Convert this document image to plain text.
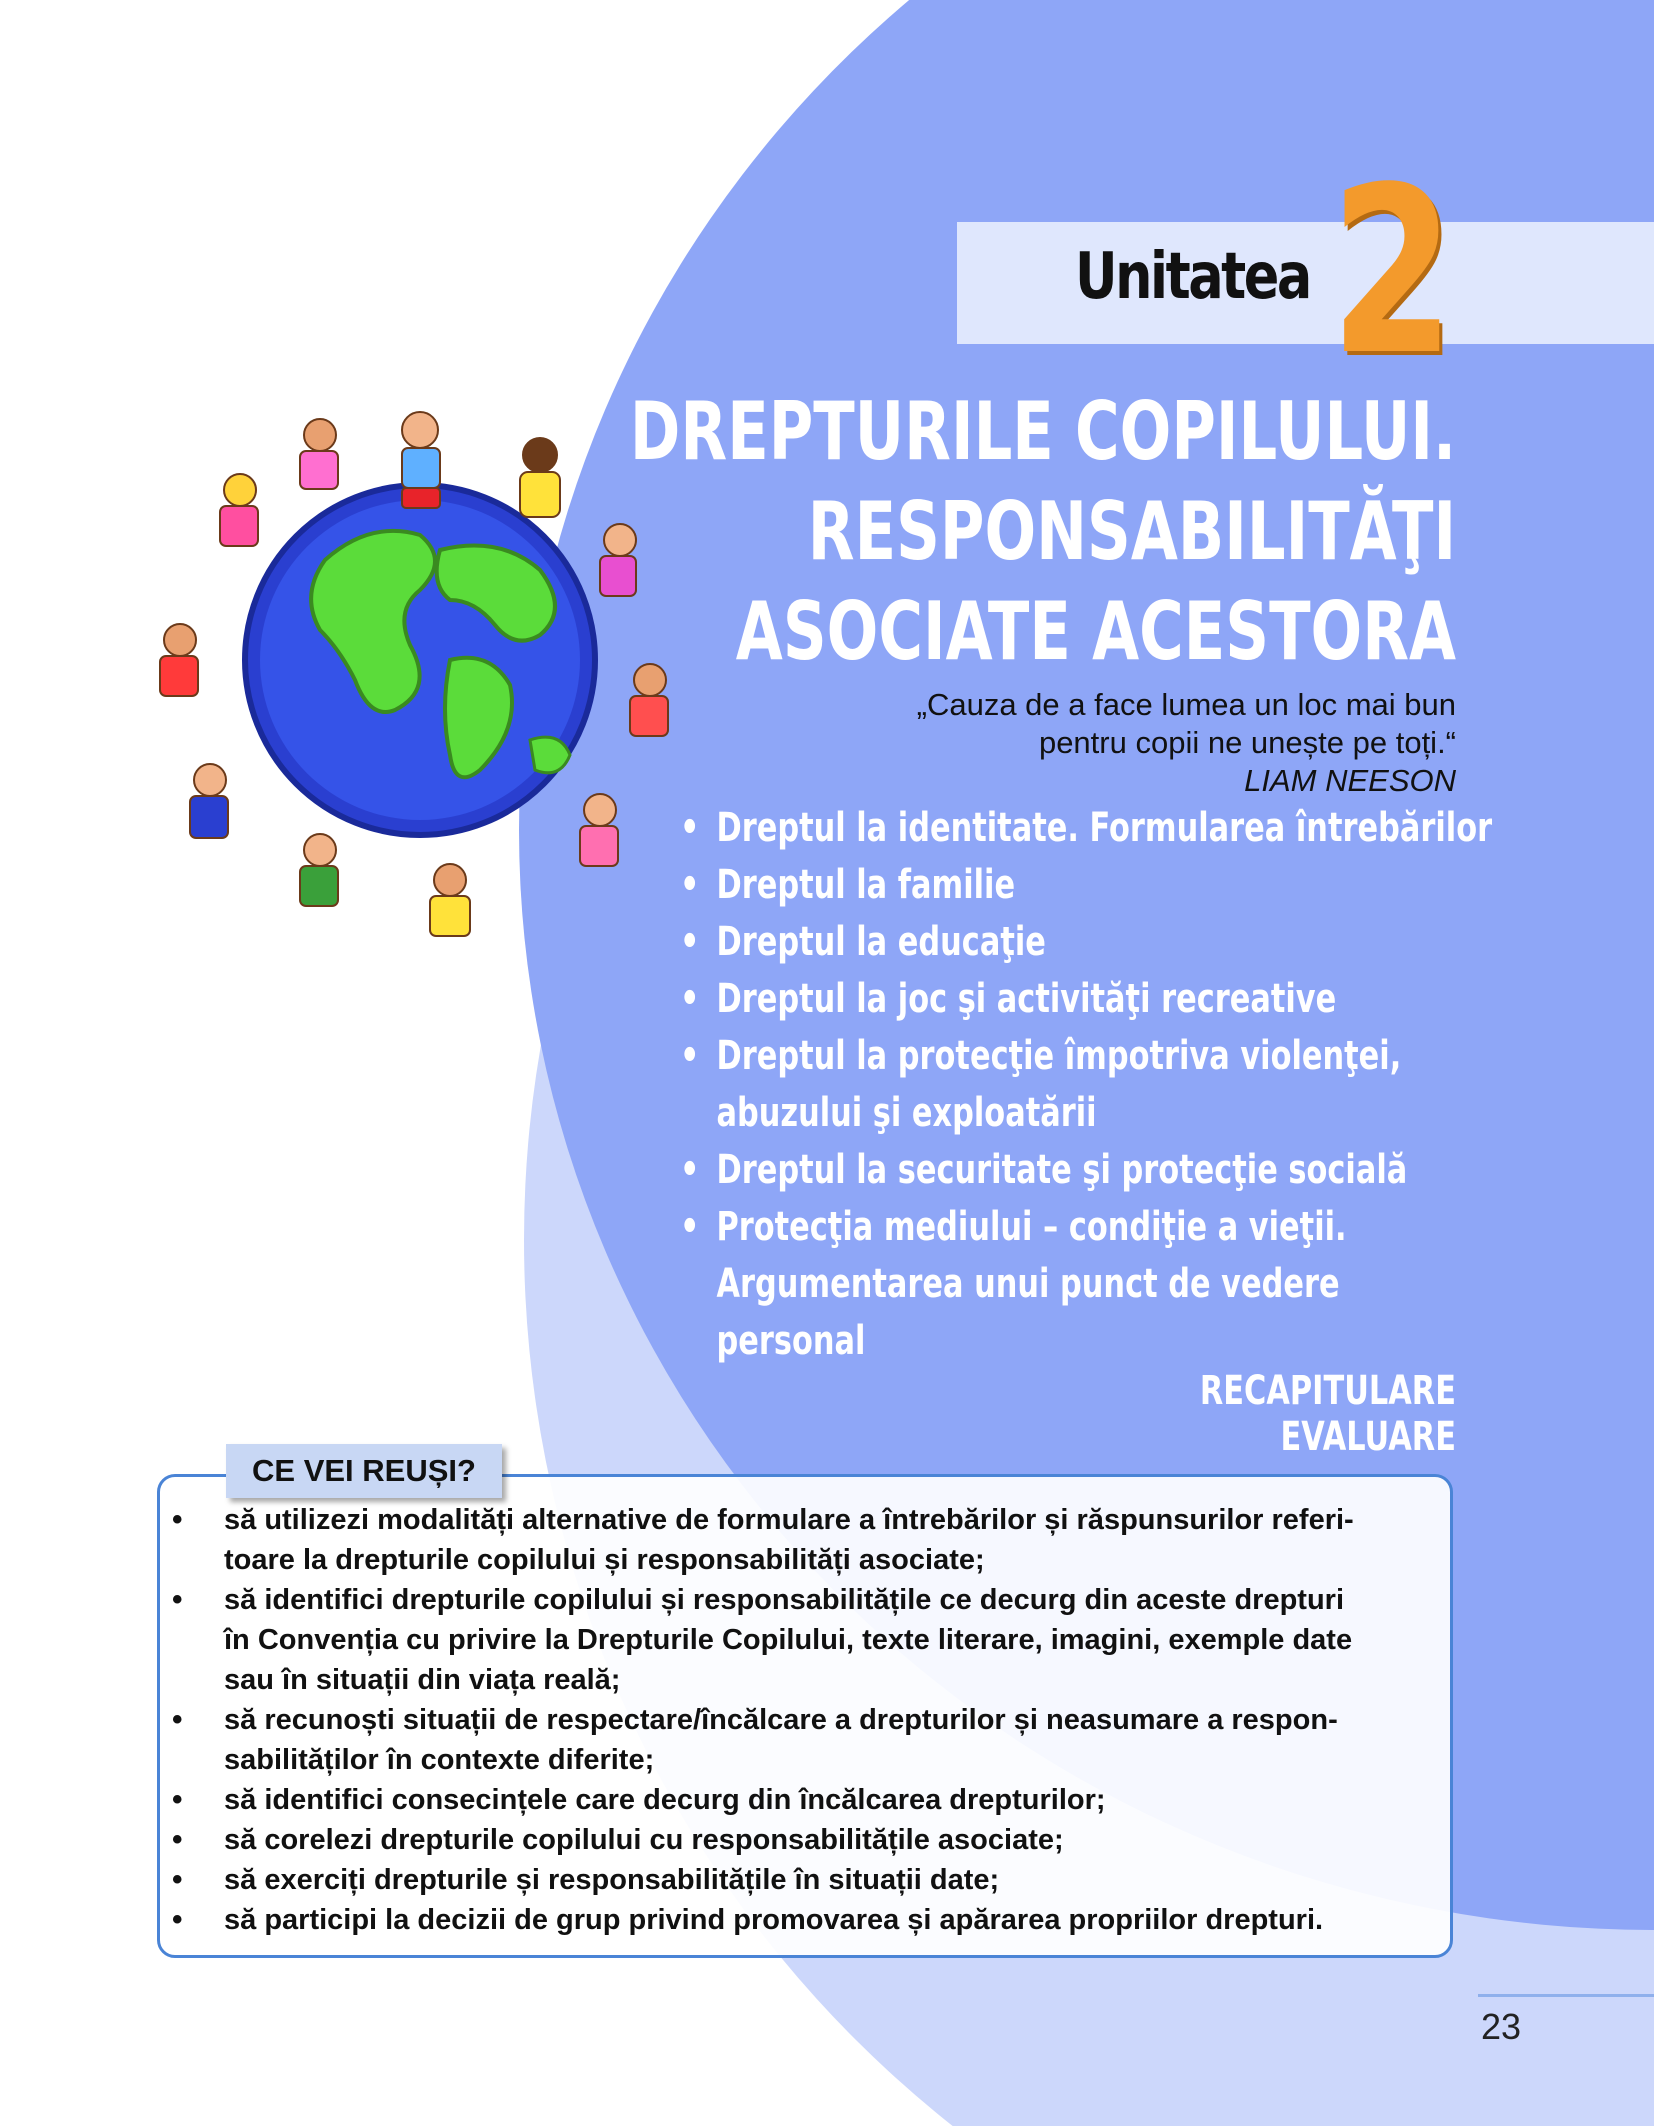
Unitatea 2
DREPTURILE COPILULUI.
RESPONSABILITĂŢI
ASOCIATE ACESTORA
„Cauza de a face lumea un loc mai bun
pentru copii ne unește pe toți.“
LIAM NEESON
• Dreptul la identitate. Formularea întrebărilor
• Dreptul la familie
• Dreptul la educaţie
• Dreptul la joc şi activităţi recreative
• Dreptul la protecţie împotriva violenţei,
abuzului şi exploatării
• Dreptul la securitate şi protecţie socială
• Protecţia mediului – condiţie a vieţii.
Argumentarea unui punct de vedere
personal
RECAPITULARE
EVALUARE
CE VEI REUȘI?
• să utilizezi modalități alternative de formulare a întrebărilor și răspunsurilor referi-
toare la drepturile copilului și responsabilități asociate;
• să identifici drepturile copilului și responsabilitățile ce decurg din aceste drepturi
în Convenția cu privire la Drepturile Copilului, texte literare, imagini, exemple date
sau în situații din viața reală;
• să recunoști situații de respectare/încălcare a drepturilor și neasumare a respon-
sabilităților în contexte diferite;
• să identifici consecințele care decurg din încălcarea drepturilor;
• să corelezi drepturile copilului cu responsabilitățile asociate;
• să exerciți drepturile și responsabilitățile în situații date;
• să participi la decizii de grup privind promovarea și apărarea propriilor drepturi.
23
